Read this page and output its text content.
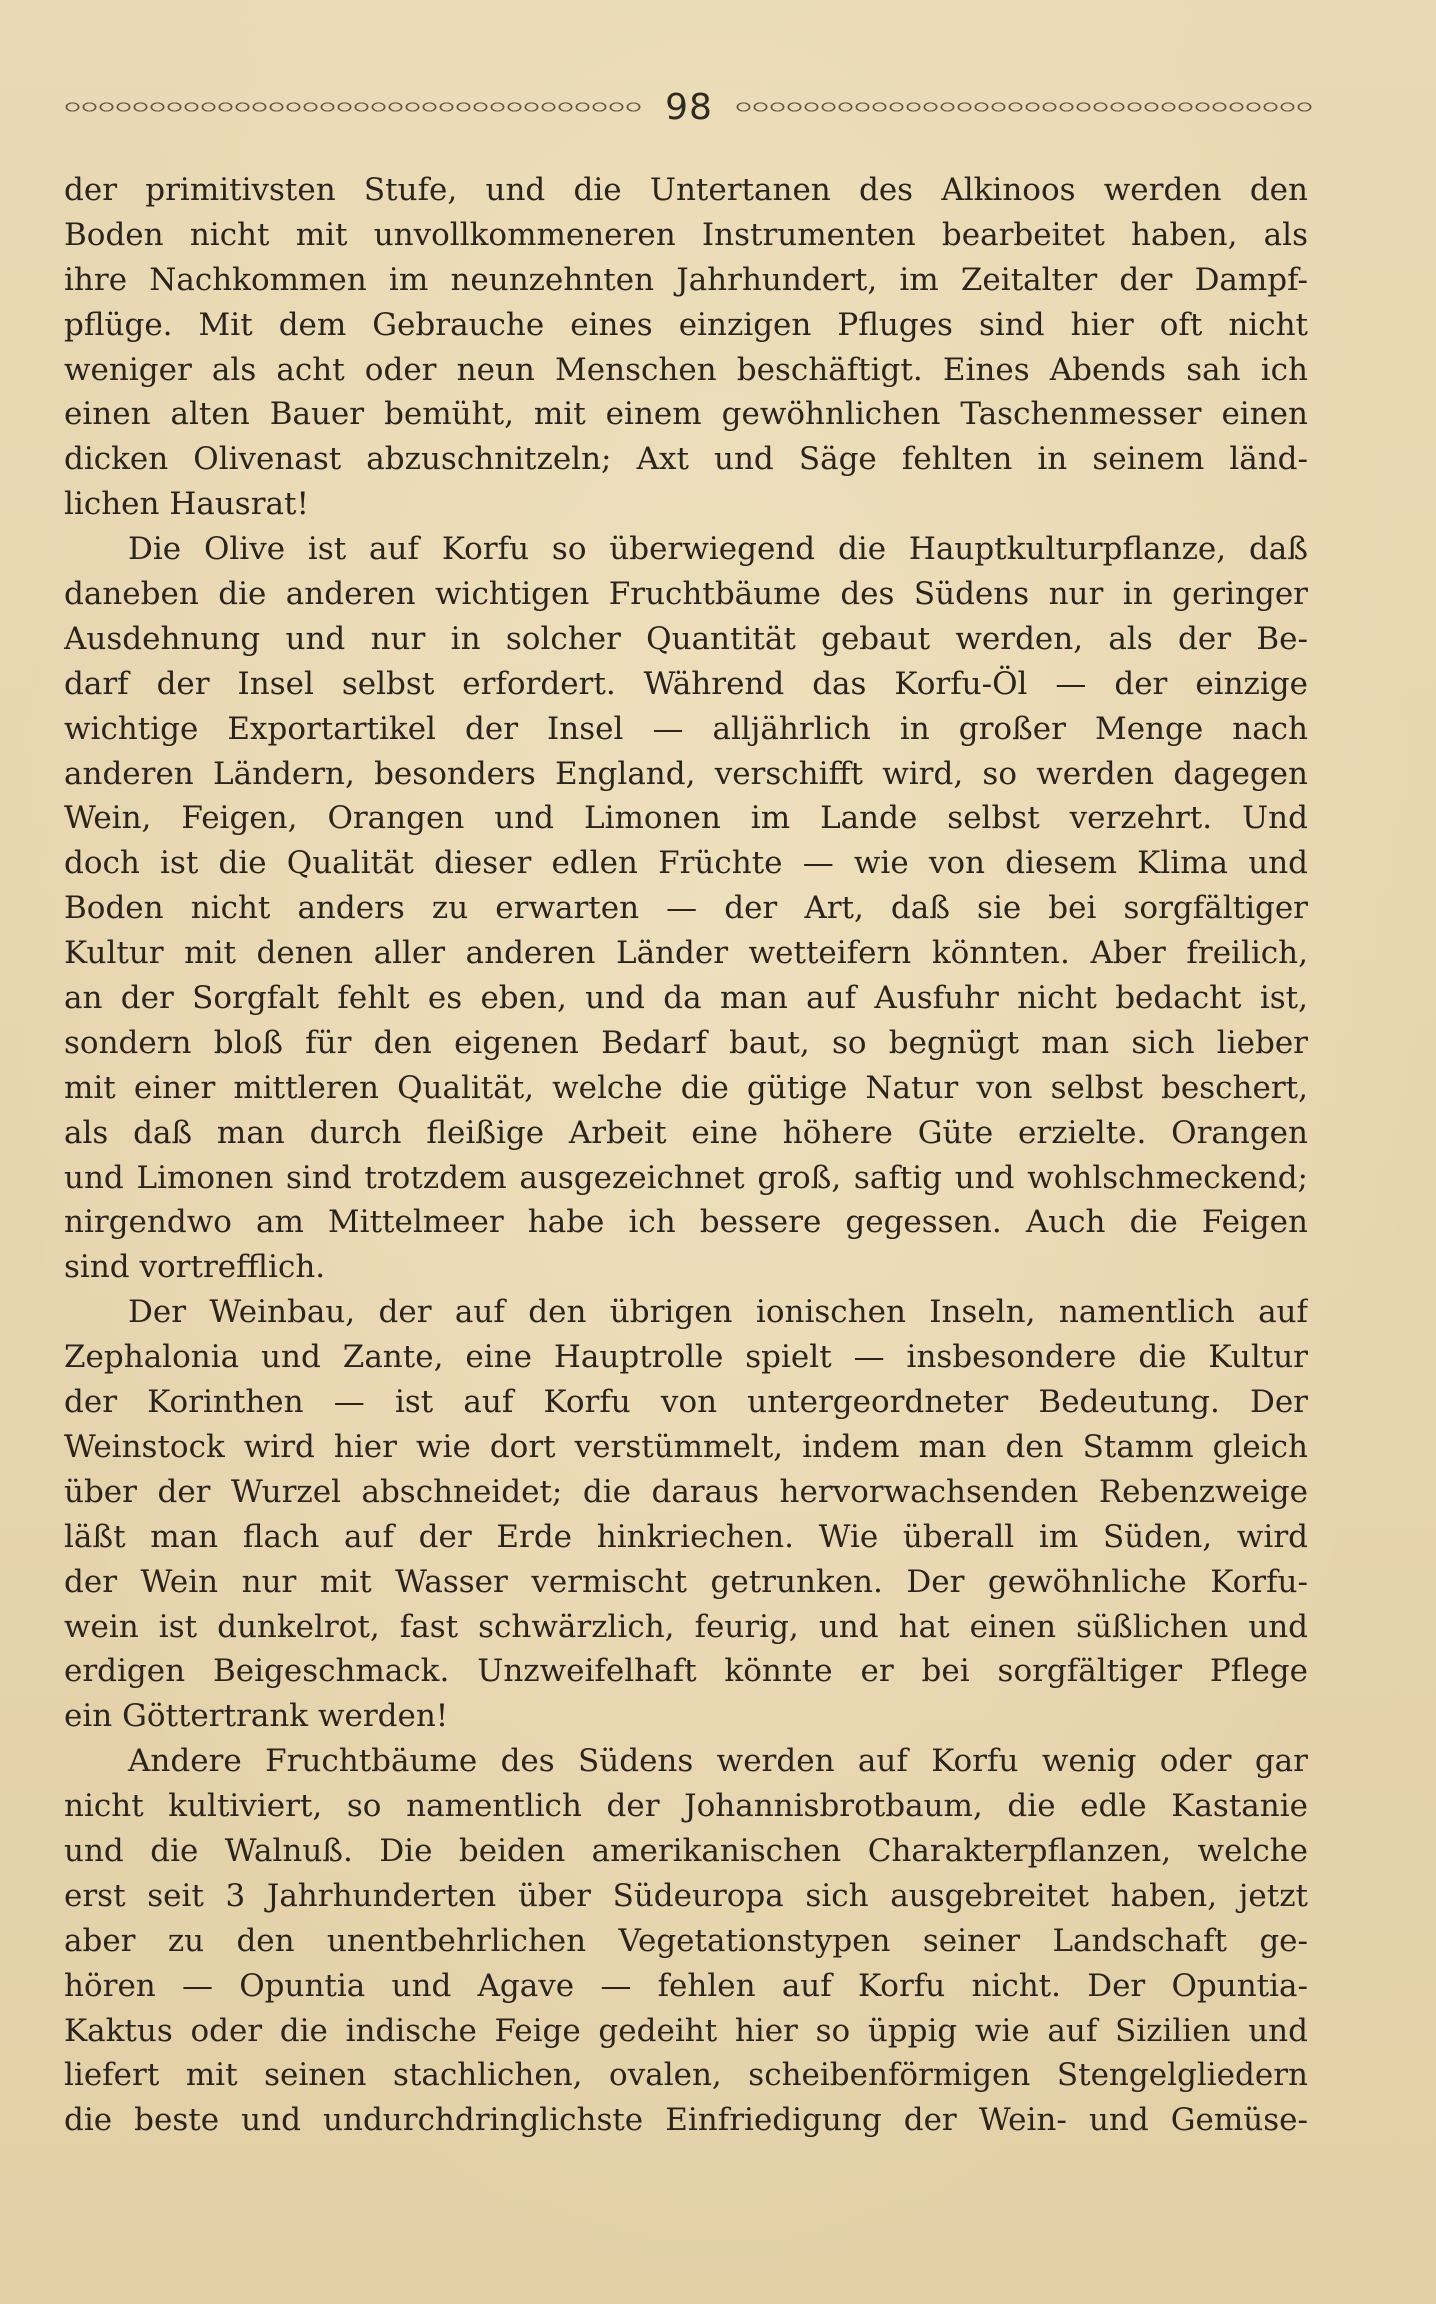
98
der primitivsten Stufe, und die Untertanen des Alkinoos werden den
Boden nicht mit unvollkommeneren Instrumenten bearbeitet haben, als
ihre Nachkommen im neunzehnten Jahrhundert, im Zeitalter der Dampf-
pflüge. Mit dem Gebrauche eines einzigen Pfluges sind hier oft nicht
weniger als acht oder neun Menschen beschäftigt. Eines Abends sah ich
einen alten Bauer bemüht, mit einem gewöhnlichen Taschenmesser einen
dicken Olivenast abzuschnitzeln; Axt und Säge fehlten in seinem länd-
lichen Hausrat!
Die Olive ist auf Korfu so überwiegend die Hauptkulturpflanze, daß
daneben die anderen wichtigen Fruchtbäume des Südens nur in geringer
Ausdehnung und nur in solcher Quantität gebaut werden, als der Be-
darf der Insel selbst erfordert. Während das Korfu-Öl — der einzige
wichtige Exportartikel der Insel — alljährlich in großer Menge nach
anderen Ländern, besonders England, verschifft wird, so werden dagegen
Wein, Feigen, Orangen und Limonen im Lande selbst verzehrt. Und
doch ist die Qualität dieser edlen Früchte — wie von diesem Klima und
Boden nicht anders zu erwarten — der Art, daß sie bei sorgfältiger
Kultur mit denen aller anderen Länder wetteifern könnten. Aber freilich,
an der Sorgfalt fehlt es eben, und da man auf Ausfuhr nicht bedacht ist,
sondern bloß für den eigenen Bedarf baut, so begnügt man sich lieber
mit einer mittleren Qualität, welche die gütige Natur von selbst beschert,
als daß man durch fleißige Arbeit eine höhere Güte erzielte. Orangen
und Limonen sind trotzdem ausgezeichnet groß, saftig und wohlschmeckend;
nirgendwo am Mittelmeer habe ich bessere gegessen. Auch die Feigen
sind vortrefflich.
Der Weinbau, der auf den übrigen ionischen Inseln, namentlich auf
Zephalonia und Zante, eine Hauptrolle spielt — insbesondere die Kultur
der Korinthen — ist auf Korfu von untergeordneter Bedeutung. Der
Weinstock wird hier wie dort verstümmelt, indem man den Stamm gleich
über der Wurzel abschneidet; die daraus hervorwachsenden Rebenzweige
läßt man flach auf der Erde hinkriechen. Wie überall im Süden, wird
der Wein nur mit Wasser vermischt getrunken. Der gewöhnliche Korfu-
wein ist dunkelrot, fast schwärzlich, feurig, und hat einen süßlichen und
erdigen Beigeschmack. Unzweifelhaft könnte er bei sorgfältiger Pflege
ein Göttertrank werden!
Andere Fruchtbäume des Südens werden auf Korfu wenig oder gar
nicht kultiviert, so namentlich der Johannisbrotbaum, die edle Kastanie
und die Walnuß. Die beiden amerikanischen Charakterpflanzen, welche
erst seit 3 Jahrhunderten über Südeuropa sich ausgebreitet haben, jetzt
aber zu den unentbehrlichen Vegetationstypen seiner Landschaft ge-
hören — Opuntia und Agave — fehlen auf Korfu nicht. Der Opuntia-
Kaktus oder die indische Feige gedeiht hier so üppig wie auf Sizilien und
liefert mit seinen stachlichen, ovalen, scheibenförmigen Stengelgliedern
die beste und undurchdringlichste Einfriedigung der Wein- und Gemüse-
